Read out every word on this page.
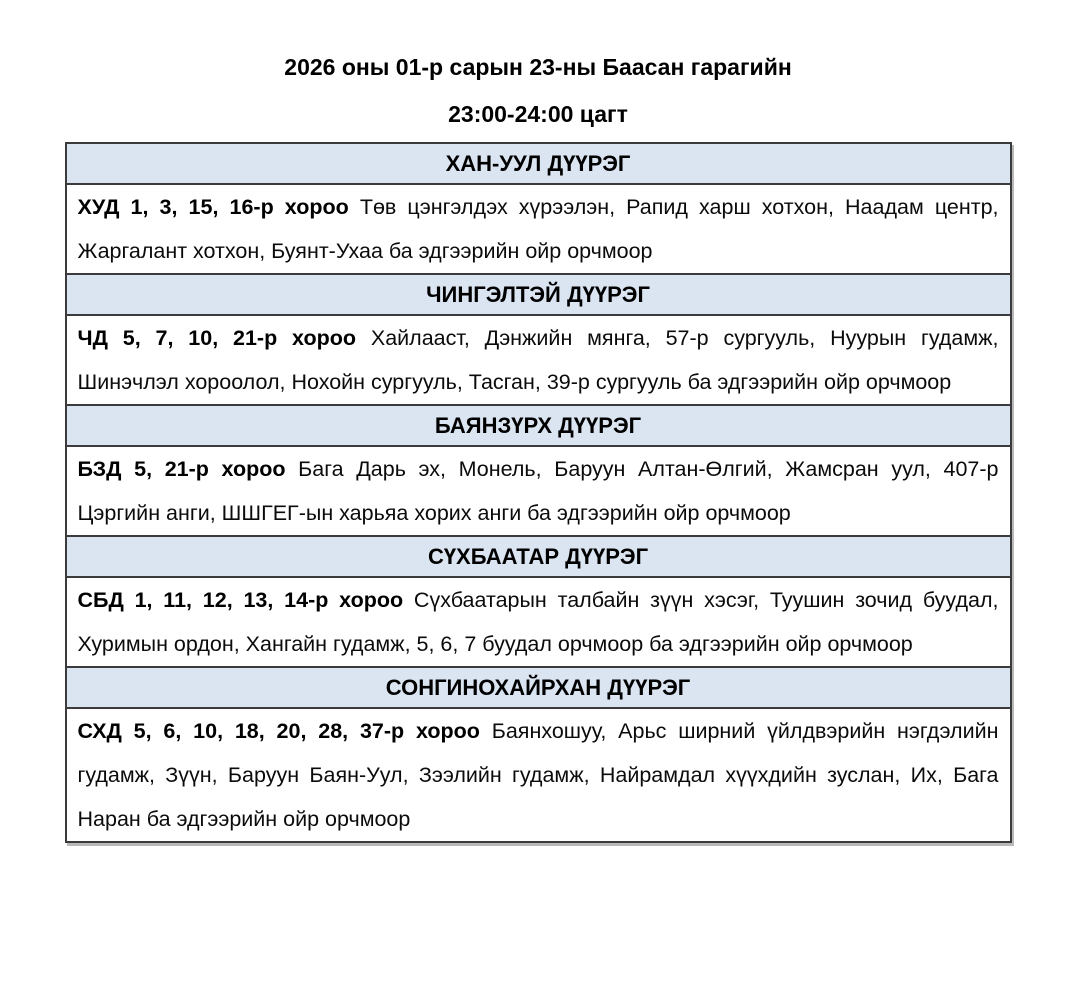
2026 оны 01-р сарын 23-ны Баасан гарагийн
23:00-24:00 цагт
ХАН-УУЛ ДҮҮРЭГ
ХУД 1, 3, 15, 16-р хороо Төв цэнгэлдэх хүрээлэн, Рапид харш хотхон, Наадам центр, Жаргалант хотхон, Буянт-Ухаа ба эдгээрийн ойр орчмоор
ЧИНГЭЛТЭЙ ДҮҮРЭГ
ЧД 5, 7, 10, 21-р хороо Хайлааст, Дэнжийн мянга, 57-р сургууль, Нуурын гудамж, Шинэчлэл хороолол, Нохойн сургууль, Тасган, 39-р сургууль ба эдгээрийн ойр орчмоор
БАЯНЗҮРХ ДҮҮРЭГ
БЗД 5, 21-р хороо Бага Дарь эх, Монель, Баруун Алтан-Өлгий, Жамсран уул, 407-р Цэргийн анги, ШШГЕГ-ын харьяа хорих анги ба эдгээрийн ойр орчмоор
СҮХБААТАР ДҮҮРЭГ
СБД 1, 11, 12, 13, 14-р хороо Сүхбаатарын талбайн зүүн хэсэг, Туушин зочид буудал, Хуримын ордон, Хангайн гудамж, 5, 6, 7 буудал орчмоор ба эдгээрийн ойр орчмоор
СОНГИНОХАЙРХАН ДҮҮРЭГ
СХД 5, 6, 10, 18, 20, 28, 37-р хороо Баянхошуу, Арьс ширний үйлдвэрийн нэгдэлийн гудамж, Зүүн, Баруун Баян-Уул, Зээлийн гудамж, Найрамдал хүүхдийн зуслан, Их, Бага Наран ба эдгээрийн ойр орчмоор
